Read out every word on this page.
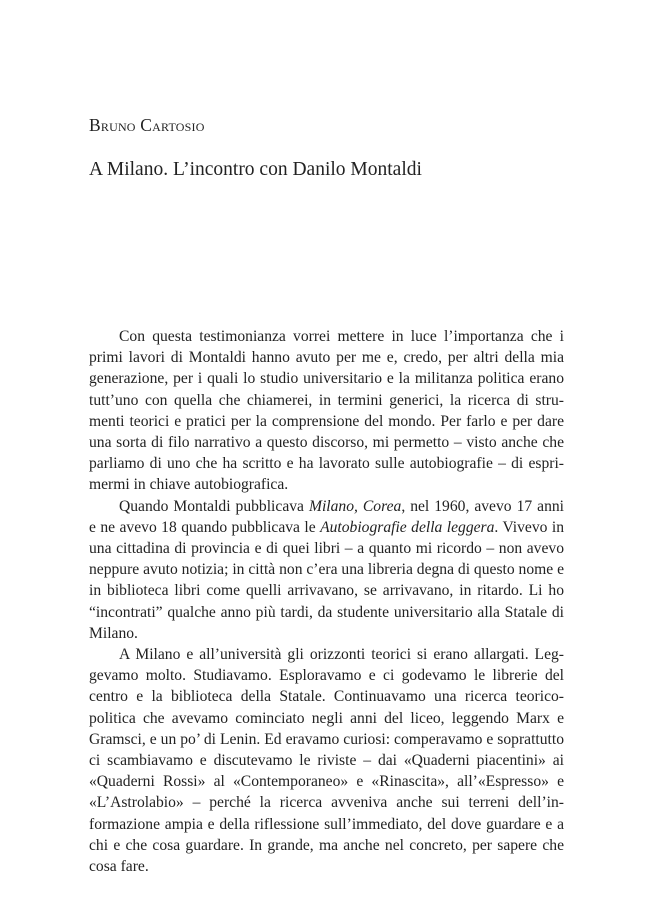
Bruno Cartosio
A Milano. L’incontro con Danilo Montaldi

Con questa testimonianza vorrei mettere in luce l’importanza che i primi lavori di Montaldi hanno avuto per me e, credo, per altri della mia generazione, per i quali lo studio universitario e la militanza politica erano tutt’uno con quella che chiamerei, in termini generici, la ricerca di strumenti teorici e pratici per la comprensione del mondo. Per farlo e per dare una sorta di filo narrativo a questo discorso, mi permetto – visto anche che parliamo di uno che ha scritto e ha lavorato sulle autobiografie – di esprimermi in chiave autobiografica.

Quando Montaldi pubblicava Milano, Corea, nel 1960, avevo 17 anni e ne avevo 18 quando pubblicava le Autobiografie della leggera. Vivevo in una cittadina di provincia e di quei libri – a quanto mi ricordo – non avevo neppure avuto notizia; in città non c’era una libreria degna di questo nome e in biblioteca libri come quelli arrivavano, se arrivavano, in ritardo. Li ho “incontrati” qualche anno più tardi, da studente universitario alla Statale di Milano.

A Milano e all’università gli orizzonti teorici si erano allargati. Leggevamo molto. Studiavamo. Esploravamo e ci godevamo le librerie del centro e la biblioteca della Statale. Continuavamo una ricerca teorico-politica che avevamo cominciato negli anni del liceo, leggendo Marx e Gramsci, e un po’ di Lenin. Ed eravamo curiosi: comperavamo e soprattutto ci scambiavamo e discutevamo le riviste – dai «Quaderni piacentini» ai «Quaderni Rossi» al «Contemporaneo» e «Rinascita», all’«Espresso» e «L’Astrolabio» – perché la ricerca avveniva anche sui terreni dell’informazione ampia e della riflessione sull’immediato, del dove guardare e a chi e che cosa guardare. In grande, ma anche nel concreto, per sapere che cosa fare.
